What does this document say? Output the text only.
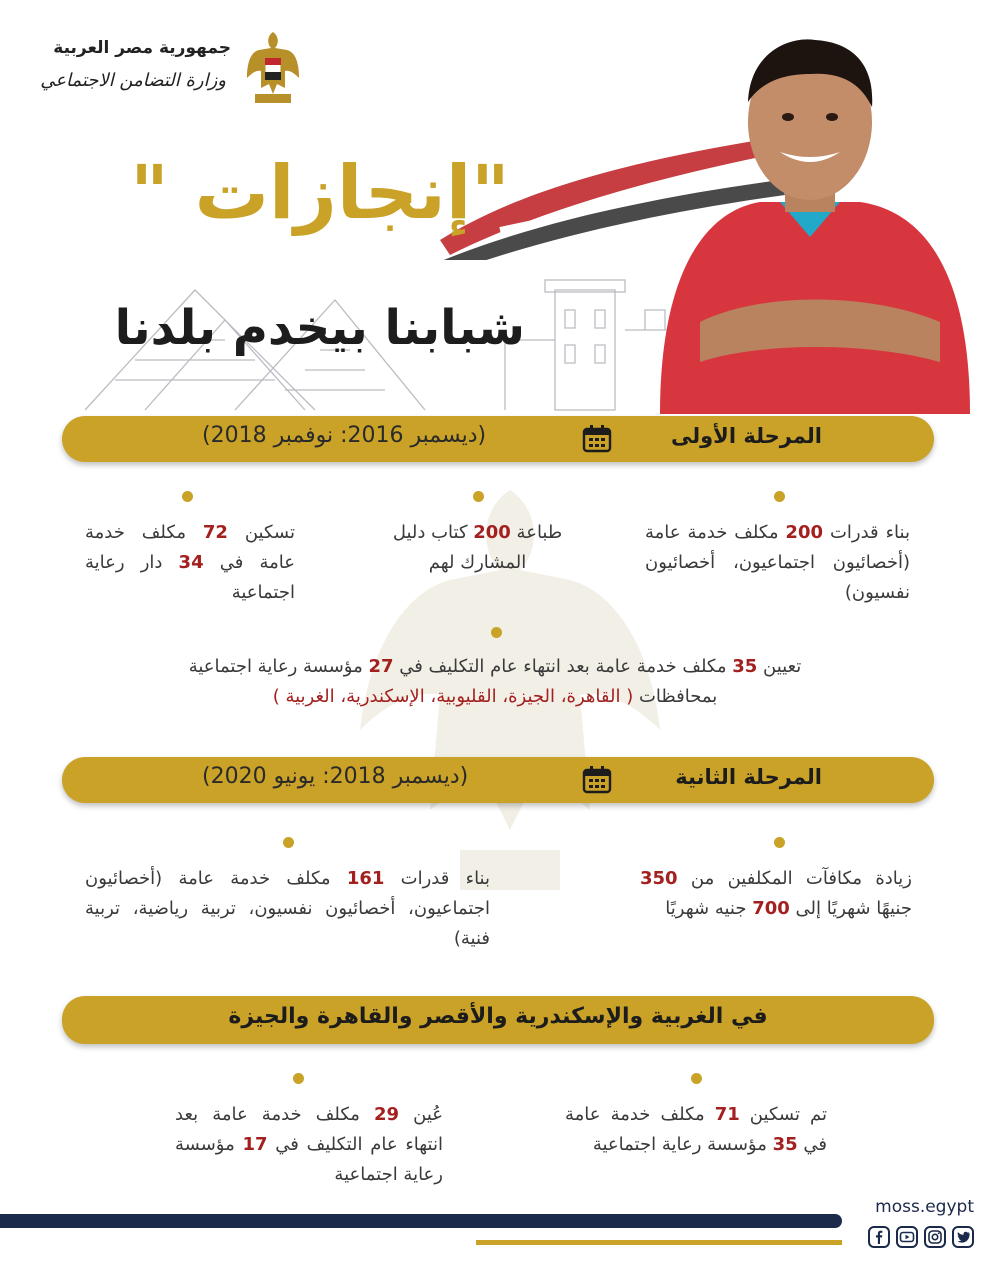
جمهورية مصر العربية
وزارة التضامن الاجتماعي
"إنجازات "
شبابنا بيخدم بلدنا
المرحلة الأولى
(ديسمبر 2016: نوفمبر 2018)
بناء قدرات 200 مكلف خدمة عامة (أخصائيون اجتماعيون، أخصائيون نفسيون)
طباعة 200 كتاب دليل المشارك لهم
تسكين 72 مكلف خدمة عامة في 34 دار رعاية اجتماعية
تعيين 35 مكلف خدمة عامة بعد انتهاء عام التكليف في 27 مؤسسة رعاية اجتماعية بمحافظات ( القاهرة، الجيزة، القليوبية، الإسكندرية، الغربية )
المرحلة الثانية
(ديسمبر 2018: يونيو 2020)
زيادة مكافآت المكلفين من 350 جنيهًا شهريًا إلى 700 جنيه شهريًا
بناء قدرات 161 مكلف خدمة عامة (أخصائيون اجتماعيون، أخصائيون نفسيون، تربية رياضية، تربية فنية)
في الغربية والإسكندرية والأقصر والقاهرة والجيزة
تم تسكين 71 مكلف خدمة عامة في 35 مؤسسة رعاية اجتماعية
عُين 29 مكلف خدمة عامة بعد انتهاء عام التكليف في 17 مؤسسة رعاية اجتماعية
moss.egypt
